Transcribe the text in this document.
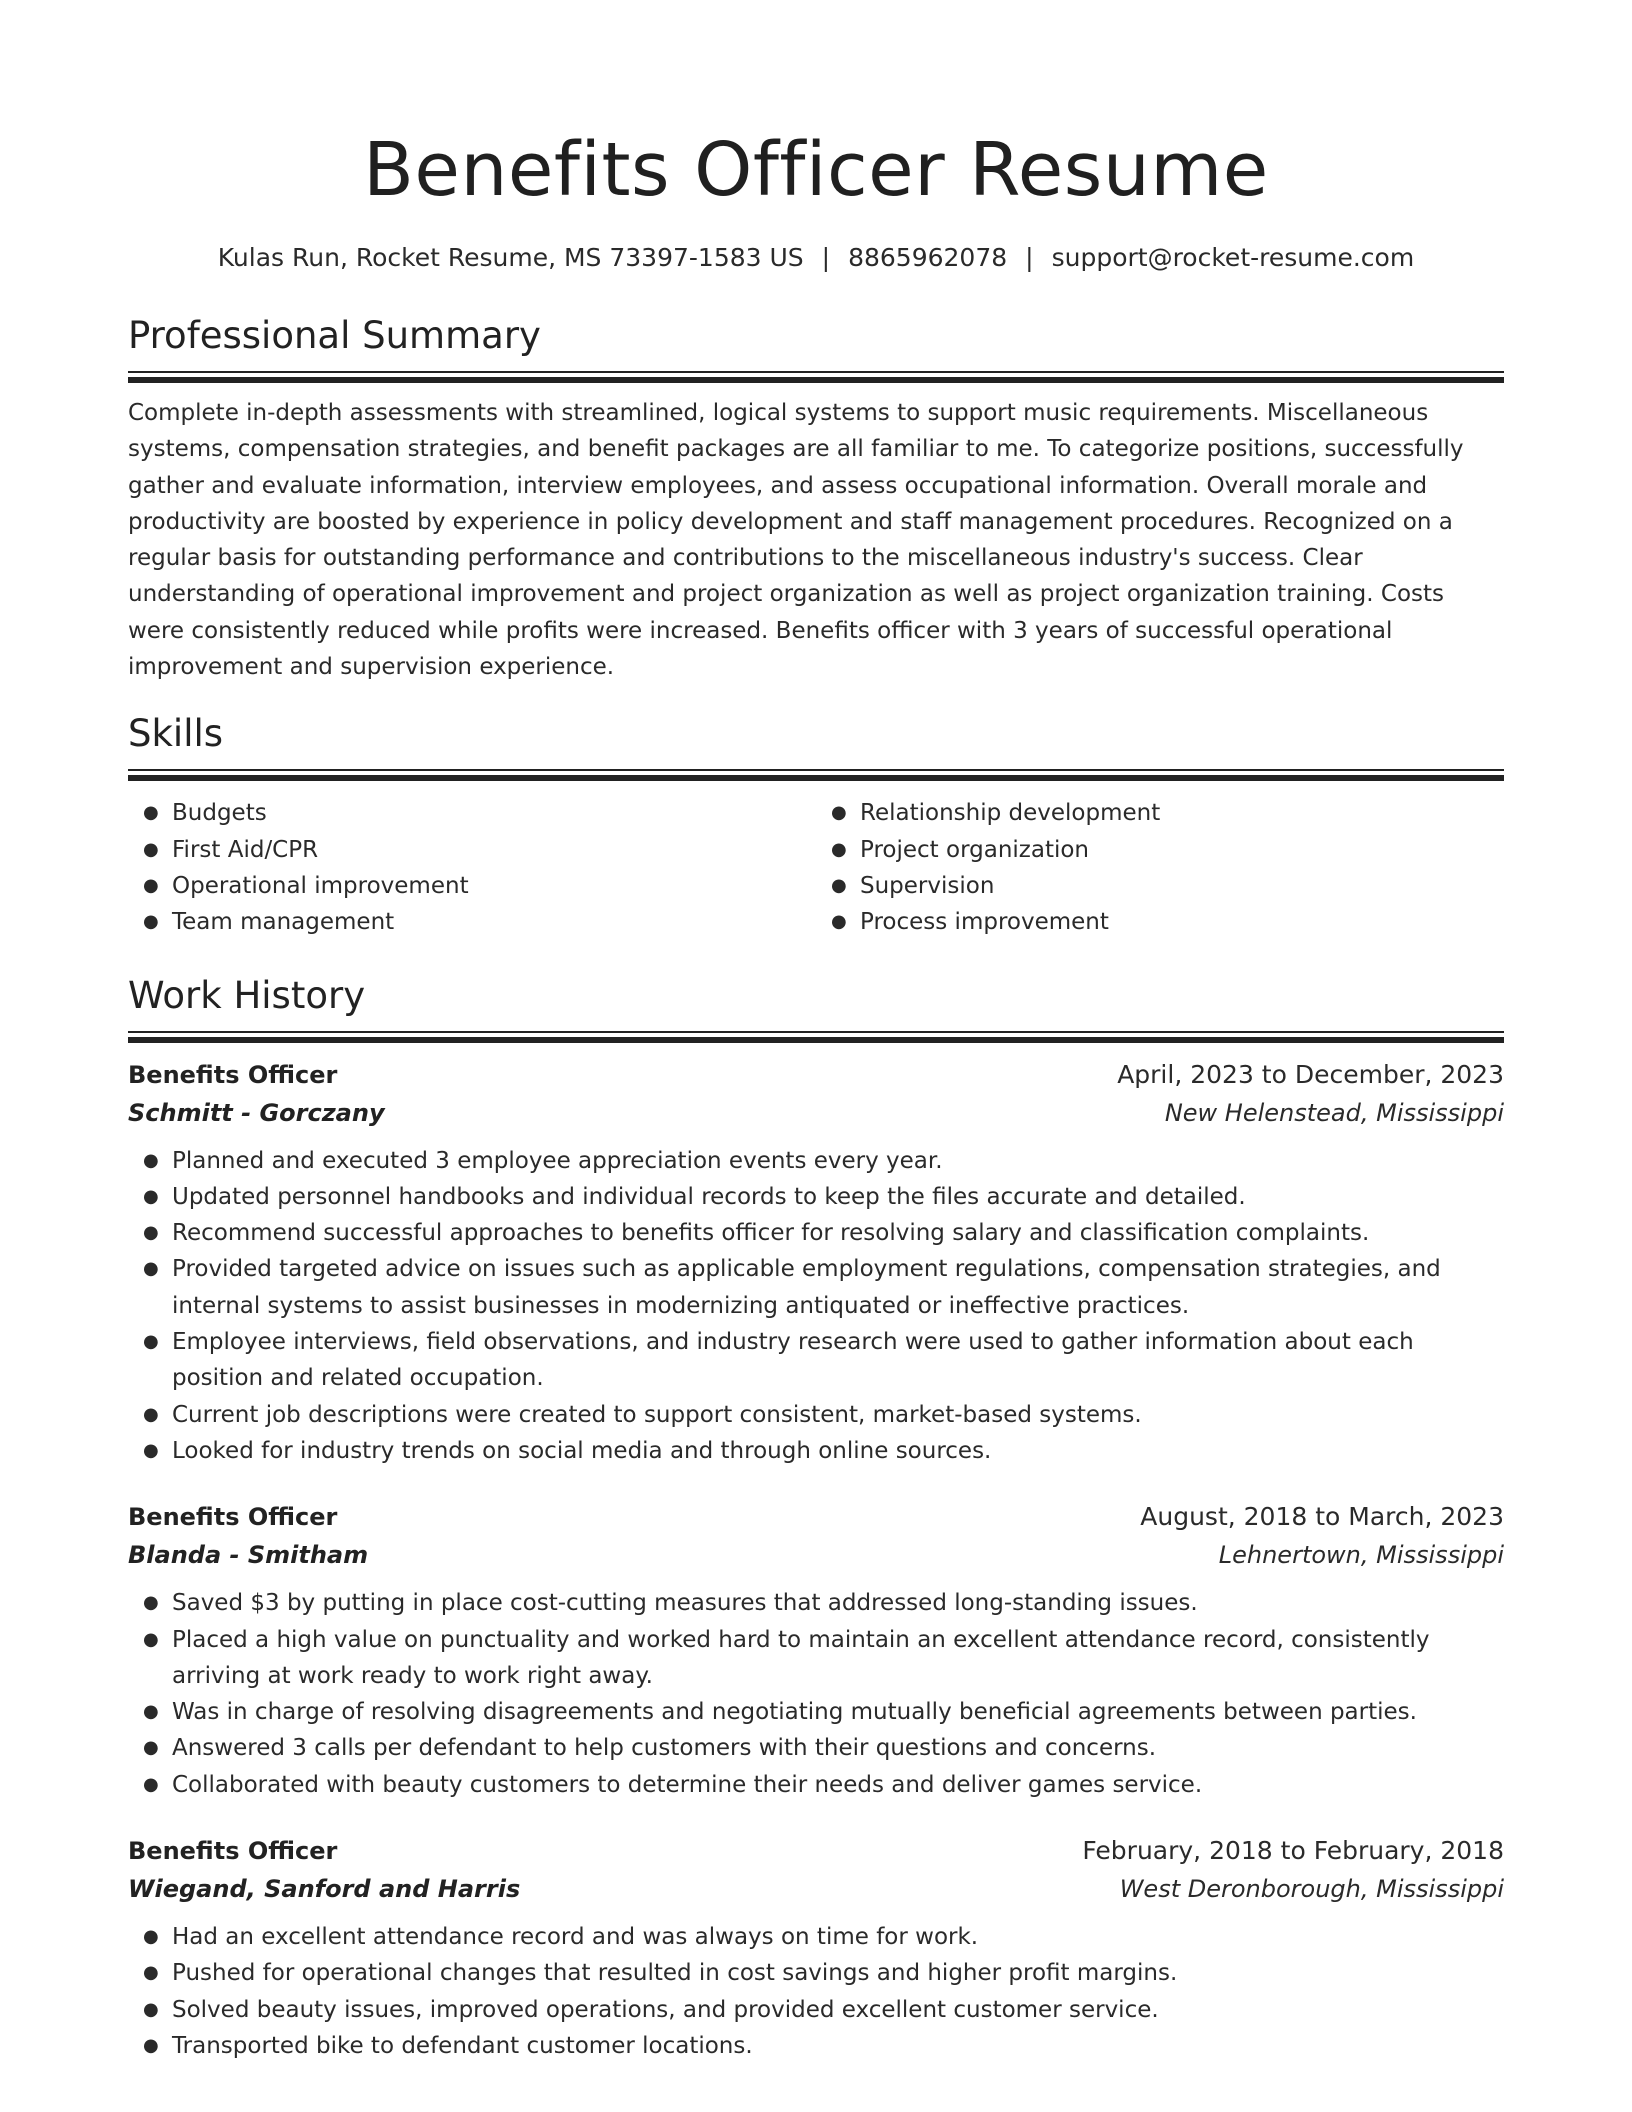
Benefits Officer Resume
Kulas Run, Rocket Resume, MS 73397-1583 US | 8865962078 | support@rocket-resume.com
Professional Summary

Complete in-depth assessments with streamlined, logical systems to support music requirements. Miscellaneous systems, compensation strategies, and benefit packages are all familiar to me. To categorize positions, successfully gather and evaluate information, interview employees, and assess occupational information. Overall morale and productivity are boosted by experience in policy development and staff management procedures. Recognized on a regular basis for outstanding performance and contributions to the miscellaneous industry's success. Clear understanding of operational improvement and project organization as well as project organization training. Costs were consistently reduced while profits were increased. Benefits officer with 3 years of successful operational improvement and supervision experience.

Skills
● Budgets
● First Aid/CPR
● Operational improvement
● Team management
● Relationship development
● Project organization
● Supervision
● Process improvement
Work History
Benefits Officer	April, 2023 to December, 2023
Schmitt - Gorczany	New Helenstead, Mississippi
● Planned and executed 3 employee appreciation events every year.
● Updated personnel handbooks and individual records to keep the files accurate and detailed.
● Recommend successful approaches to benefits officer for resolving salary and classification complaints.
● Provided targeted advice on issues such as applicable employment regulations, compensation strategies, and internal systems to assist businesses in modernizing antiquated or ineffective practices.
● Employee interviews, field observations, and industry research were used to gather information about each position and related occupation.
● Current job descriptions were created to support consistent, market-based systems.
● Looked for industry trends on social media and through online sources.
Benefits Officer	August, 2018 to March, 2023
Blanda - Smitham	Lehnertown, Mississippi
● Saved $3 by putting in place cost-cutting measures that addressed long-standing issues.
● Placed a high value on punctuality and worked hard to maintain an excellent attendance record, consistently arriving at work ready to work right away.
● Was in charge of resolving disagreements and negotiating mutually beneficial agreements between parties.
● Answered 3 calls per defendant to help customers with their questions and concerns.
● Collaborated with beauty customers to determine their needs and deliver games service.
Benefits Officer	February, 2018 to February, 2018
Wiegand, Sanford and Harris	West Deronborough, Mississippi
● Had an excellent attendance record and was always on time for work.
● Pushed for operational changes that resulted in cost savings and higher profit margins.
● Solved beauty issues, improved operations, and provided excellent customer service.
● Transported bike to defendant customer locations.
